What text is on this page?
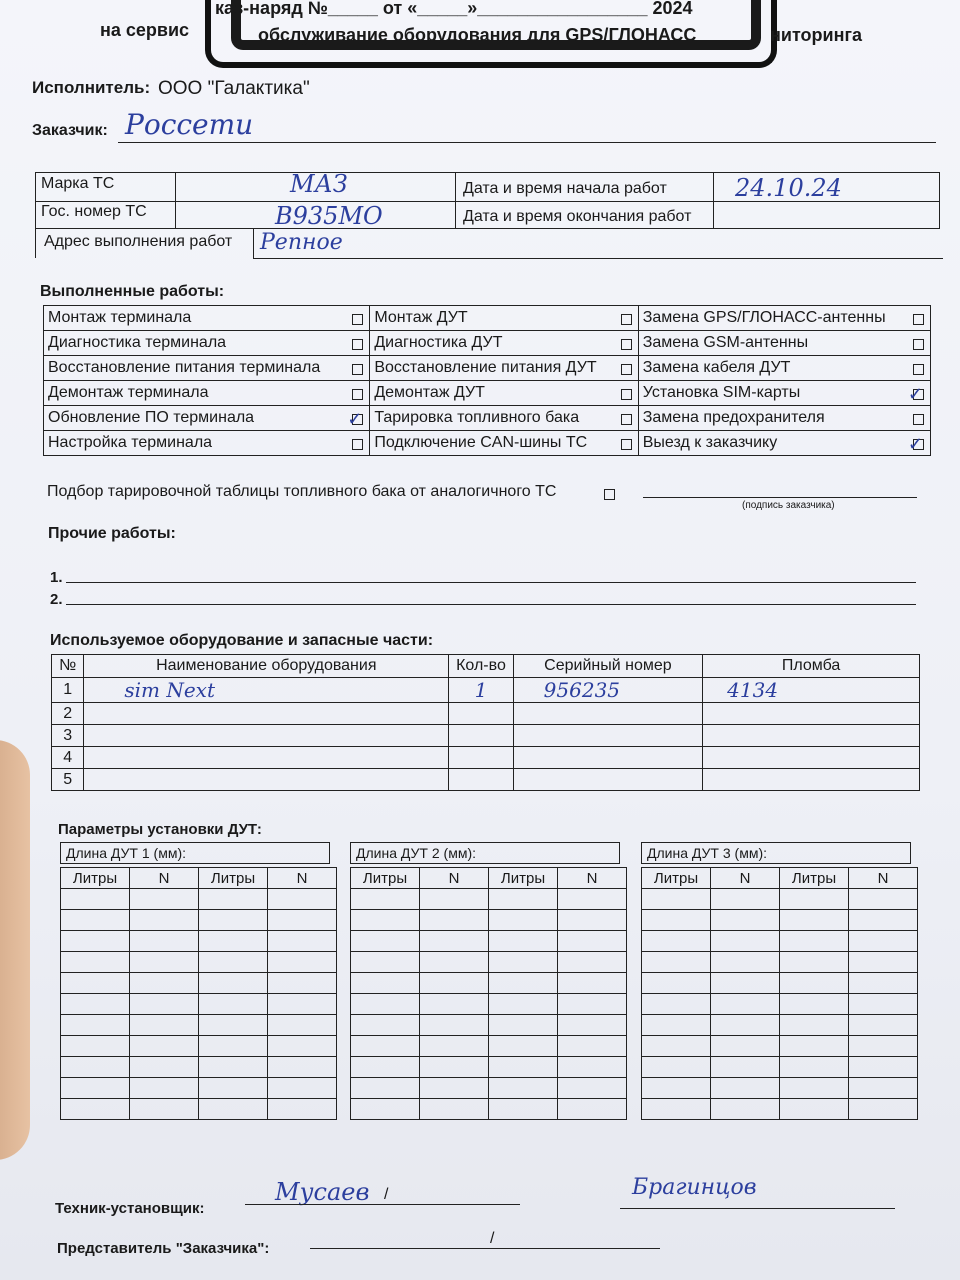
каз-наряд №_____ от «_____»_________________ 2024
на сервис	обслуживание оборудования для GPS/ГЛОНАСС	ниторинга
Исполнитель: ООО "Галактика"
Заказчик: Россети
Марка ТС	МАЗ
Гос. номер ТС	В935МО
Адрес выполнения работ Репное
Дата и время начала работ	24.10.24
Дата и время окончания работ
Выполненные работы:
Монтаж терминала	Монтаж ДУТ	Замена GPS/ГЛОНАСС-антенны

Диагностика терминала	Диагностика ДУТ	Замена GSM-антенны

Восстановление питания терминала	Восстановление питания ДУТ	Замена кабеля ДУТ

Демонтаж терминала	Демонтаж ДУТ	Установка SIM-карты ✓

Обновление ПО терминала ✓	Тарировка топливного бака	Замена предохранителя

Настройка терминала	Подключение CAN-шины ТС	Выезд к заказчику ✓
Подбор тарировочной таблицы топливного бака от аналогичного ТС
(подпись заказчика)
Прочие работы:
1.
2.
Используемое оборудование и запасные части:
№	Наименование оборудования	Кол-во	Серийный номер	Пломба
1	sim Next	1	956235	4134
2				
3				
4				
5				
Параметры установки ДУТ:
Длина ДУТ 1 (мм):
Литры	N	Литры	N

Длина ДУТ 2 (мм):
Литры	N	Литры	N

Длина ДУТ 3 (мм):
Литры	N	Литры	N

Техник-установщик:
Мусаев /	Брагинцов
Представитель "Заказчика":
/
